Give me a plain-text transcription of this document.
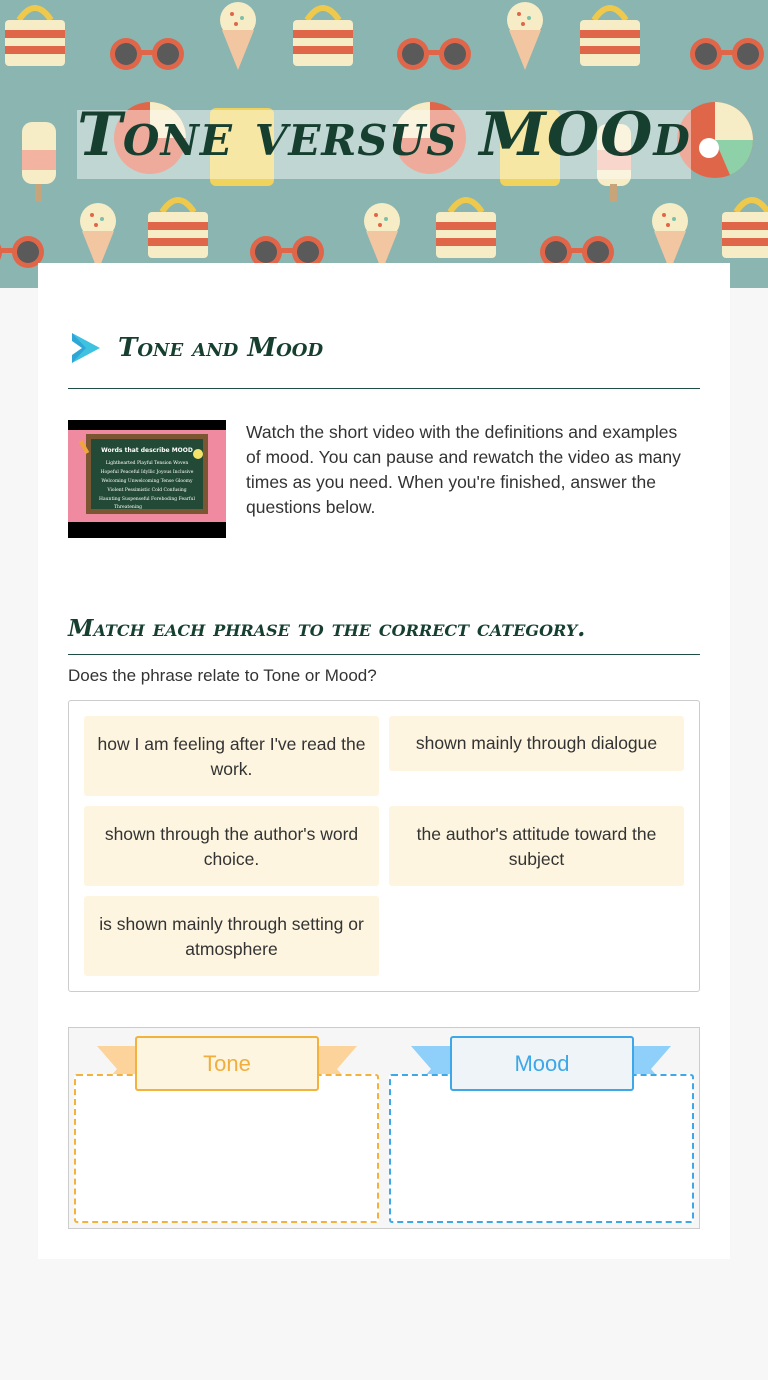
Tone versus MOOd
Tone and Mood
Words that describe MOOD
Lighthearted Playful Tension Woven
Hopeful Peaceful Idyllic Joyous Inclusive
Welcoming Unwelcoming Tense Gloomy
Violent Pessimistic Cold Confusing
Haunting Suspenseful Foreboding Fearful
Threatening
Watch the short video with the definitions and examples of mood. You can pause and rewatch the video as many times as you need. When you're finished, answer the questions below.
Match each phrase to the correct category.
Does the phrase relate to Tone or Mood?
how I am feeling after I've read the work.
shown mainly through dialogue
shown through the author's word choice.
the author's attitude toward the subject
is shown mainly through setting or atmosphere
Tone	Mood
